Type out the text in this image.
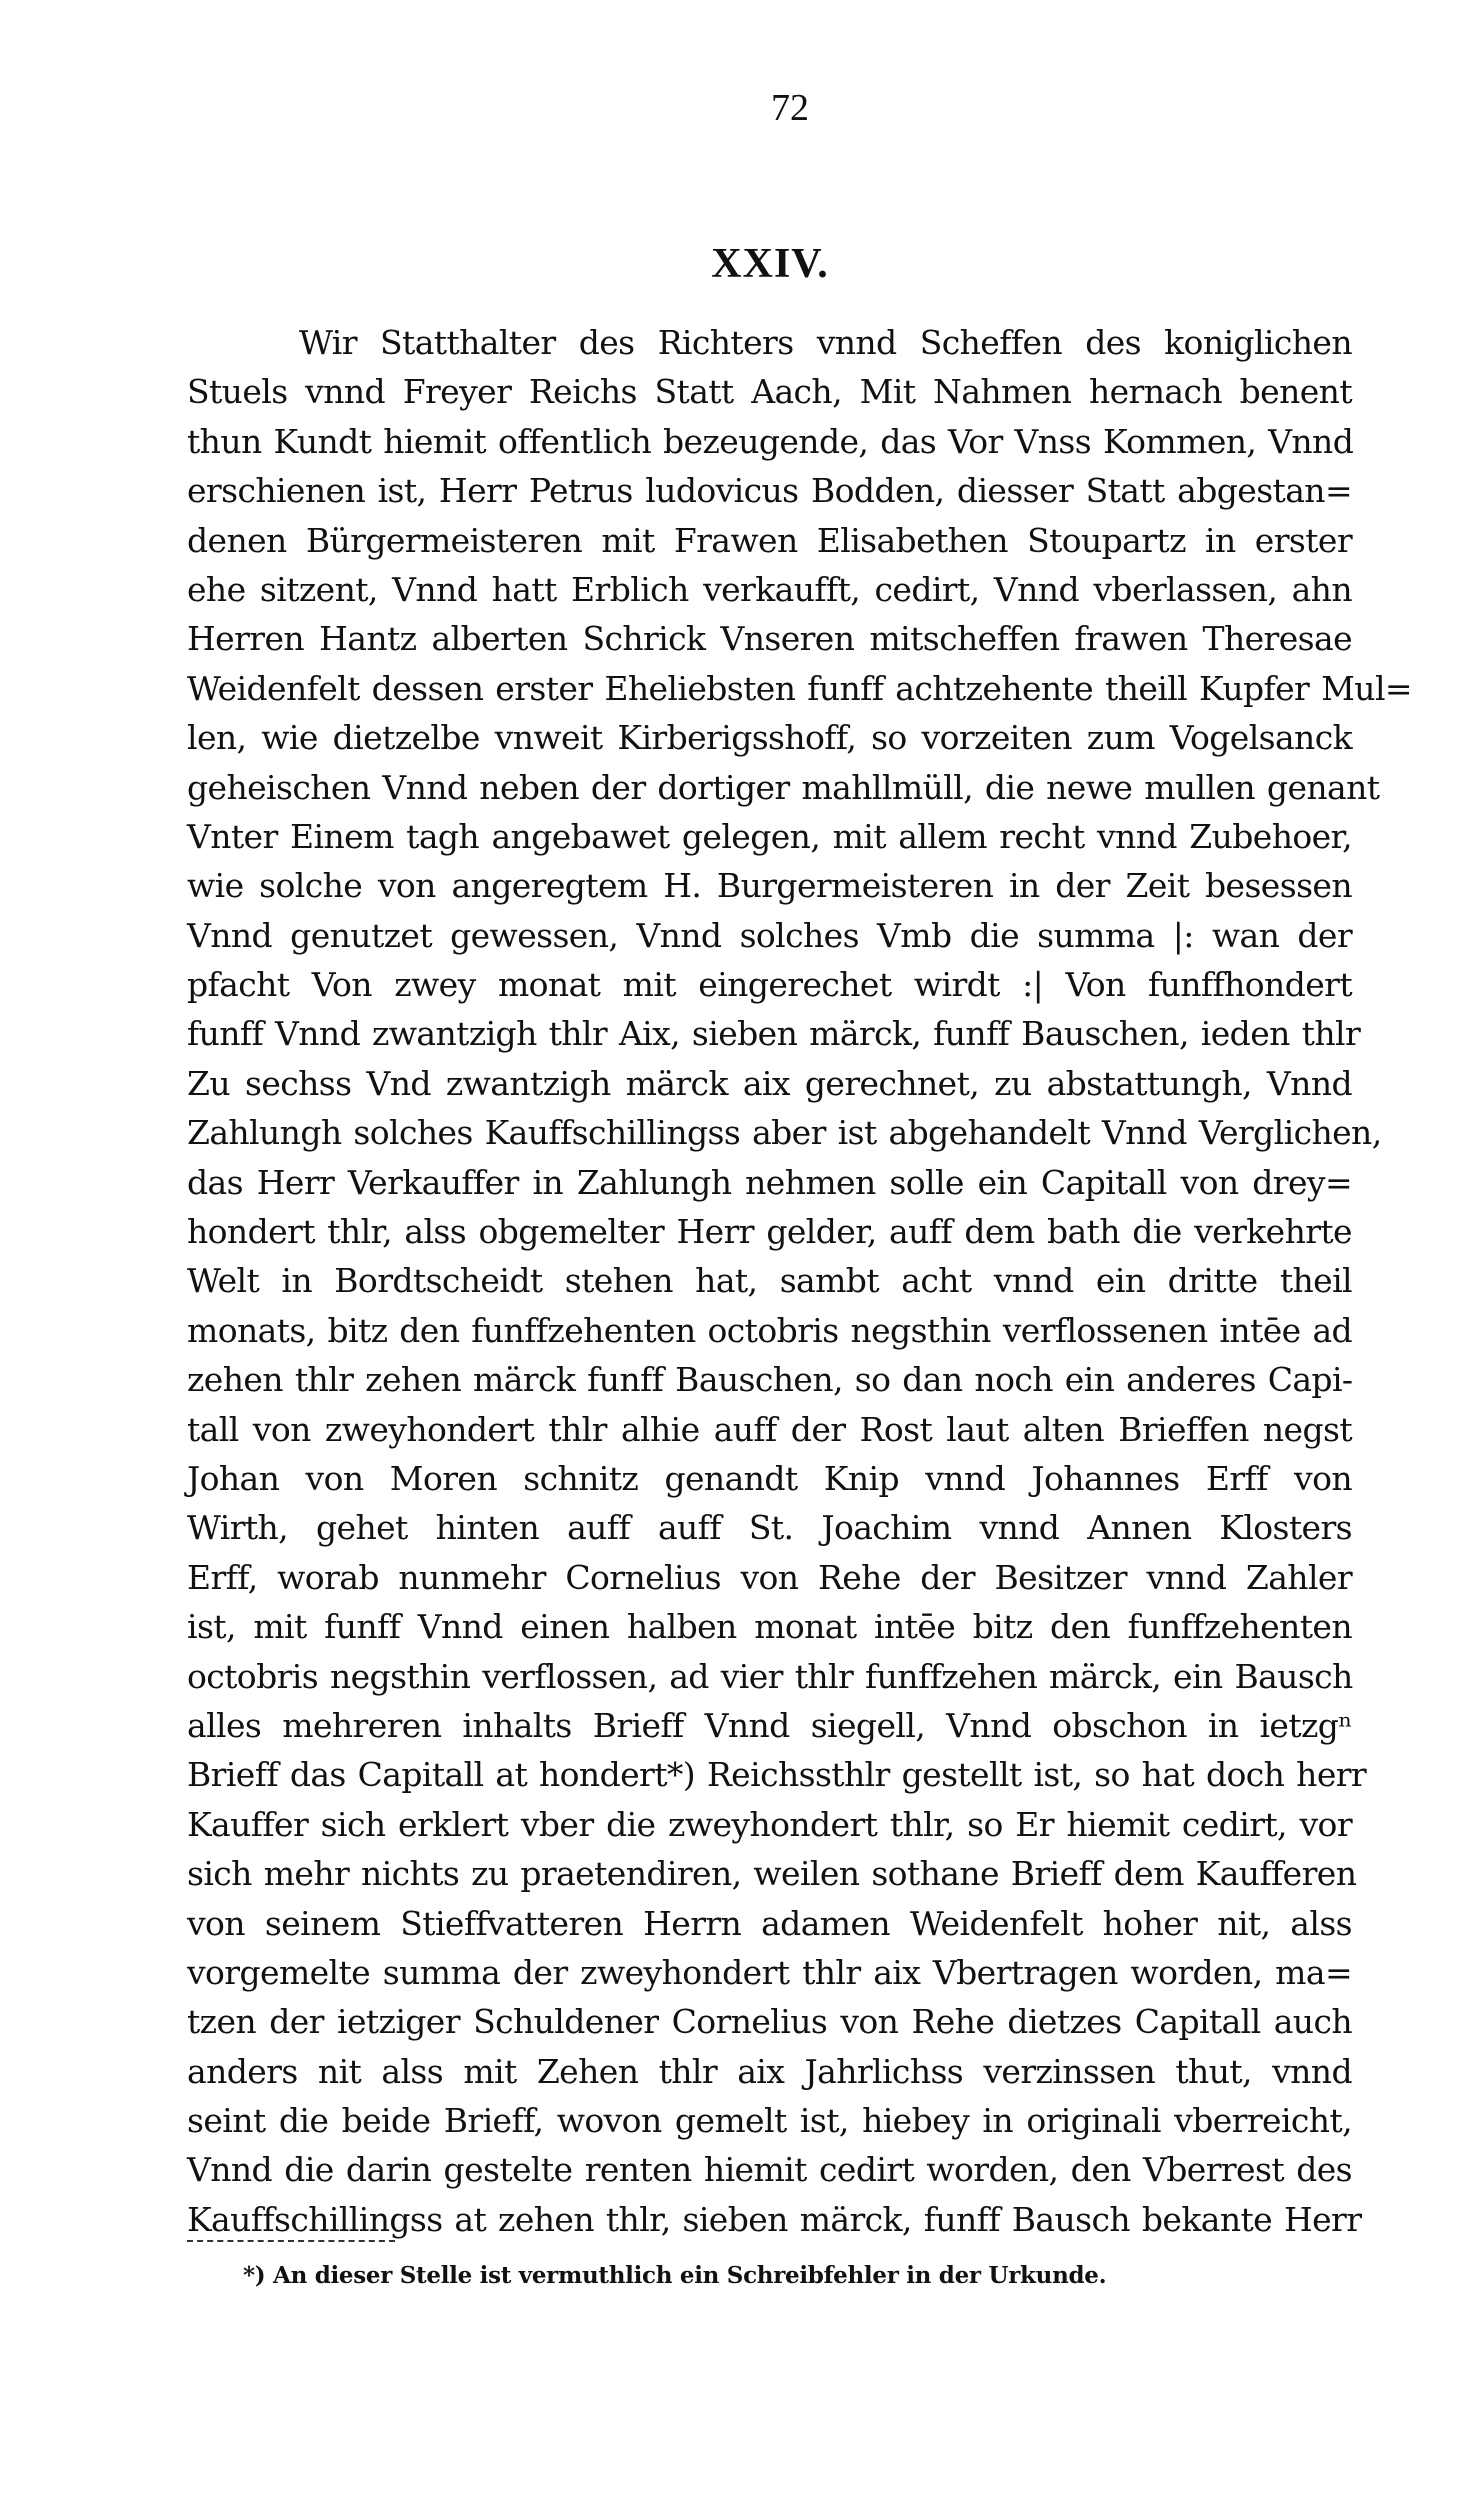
72
XXIV.
Wir Statthalter des Richters vnnd Scheffen des koniglichen
Stuels vnnd Freyer Reichs Statt Aach, Mit Nahmen hernach benent
thun Kundt hiemit offentlich bezeugende, das Vor Vnss Kommen, Vnnd
erschienen ist, Herr Petrus ludovicus Bodden, diesser Statt abgestan=
denen Bürgermeisteren mit Frawen Elisabethen Stoupartz in erster
ehe sitzent, Vnnd hatt Erblich verkaufft, cedirt, Vnnd vberlassen, ahn
Herren Hantz alberten Schrick Vnseren mitscheffen frawen Theresae
Weidenfelt dessen erster Eheliebsten funff achtzehente theill Kupfer Mul=
len, wie dietzelbe vnweit Kirberigsshoff, so vorzeiten zum Vogelsanck
geheischen Vnnd neben der dortiger mahllmüll, die newe mullen genant
Vnter Einem tagh angebawet gelegen, mit allem recht vnnd Zubehoer,
wie solche von angeregtem H. Burgermeisteren in der Zeit besessen
Vnnd genutzet gewessen, Vnnd solches Vmb die summa |: wan der
pfacht Von zwey monat mit eingerechet wirdt :| Von funffhondert
funff Vnnd zwantzigh thlr Aix, sieben märck, funff Bauschen, ieden thlr
Zu sechss Vnd zwantzigh märck aix gerechnet, zu abstattungh, Vnnd
Zahlungh solches Kauffschillingss aber ist abgehandelt Vnnd Verglichen,
das Herr Verkauffer in Zahlungh nehmen solle ein Capitall von drey=
hondert thlr, alss obgemelter Herr gelder, auff dem bath die verkehrte
Welt in Bordtscheidt stehen hat, sambt acht vnnd ein dritte theil
monats, bitz den funffzehenten octobris negsthin verflossenen intēe ad
zehen thlr zehen märck funff Bauschen, so dan noch ein anderes Capi-
tall von zweyhondert thlr alhie auff der Rost laut alten Brieffen negst
Johan von Moren schnitz genandt Knip vnnd Johannes Erff von
Wirth, gehet hinten auff auff St. Joachim vnnd Annen Klosters
Erff, worab nunmehr Cornelius von Rehe der Besitzer vnnd Zahler
ist, mit funff Vnnd einen halben monat intēe bitz den funffzehenten
octobris negsthin verflossen, ad vier thlr funffzehen märck, ein Bausch
alles mehreren inhalts Brieff Vnnd siegell, Vnnd obschon in ietzgⁿ
Brieff das Capitall at hondert*) Reichssthlr gestellt ist, so hat doch herr
Kauffer sich erklert vber die zweyhondert thlr, so Er hiemit cedirt, vor
sich mehr nichts zu praetendiren, weilen sothane Brieff dem Kaufferen
von seinem Stieffvatteren Herrn adamen Weidenfelt hoher nit, alss
vorgemelte summa der zweyhondert thlr aix Vbertragen worden, ma=
tzen der ietziger Schuldener Cornelius von Rehe dietzes Capitall auch
anders nit alss mit Zehen thlr aix Jahrlichss verzinssen thut, vnnd
seint die beide Brieff, wovon gemelt ist, hiebey in originali vberreicht,
Vnnd die darin gestelte renten hiemit cedirt worden, den Vberrest des
Kauffschillingss at zehen thlr, sieben märck, funff Bausch bekante Herr
*) An dieser Stelle ist vermuthlich ein Schreibfehler in der Urkunde.
